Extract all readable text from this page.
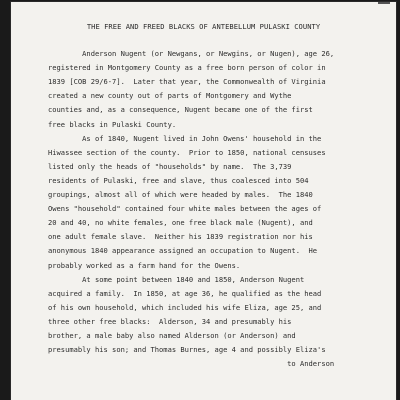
THE FREE AND FREED BLACKS OF ANTEBELLUM PULASKI COUNTY
Anderson Nugent (or Newgans, or Newgins, or Nugen), age 26,
registered in Montgomery County as a free born person of color in
1839 [COB 29/6-7].  Later that year, the Commonwealth of Virginia
created a new county out of parts of Montgomery and Wythe
counties and, as a consequence, Nugent became one of the first
free blacks in Pulaski County.
As of 1840, Nugent lived in John Owens' household in the
Hiwassee section of the county.  Prior to 1850, national censuses
listed only the heads of "households" by name.  The 3,739
residents of Pulaski, free and slave, thus coalesced into 504
groupings, almost all of which were headed by males.  The 1840
Owens "household" contained four white males between the ages of
20 and 40, no white females, one free black male (Nugent), and
one adult female slave.  Neither his 1839 registration nor his
anonymous 1840 appearance assigned an occupation to Nugent.  He
probably worked as a farm hand for the Owens.
At some point between 1840 and 1850, Anderson Nugent
acquired a family.  In 1850, at age 36, he qualified as the head
of his own household, which included his wife Eliza, age 25, and
three other free blacks:  Alderson, 34 and presumably his
brother, a male baby also named Alderson (or Anderson) and
presumably his son; and Thomas Burnes, age 4 and possibly Eliza's
to Anderson
